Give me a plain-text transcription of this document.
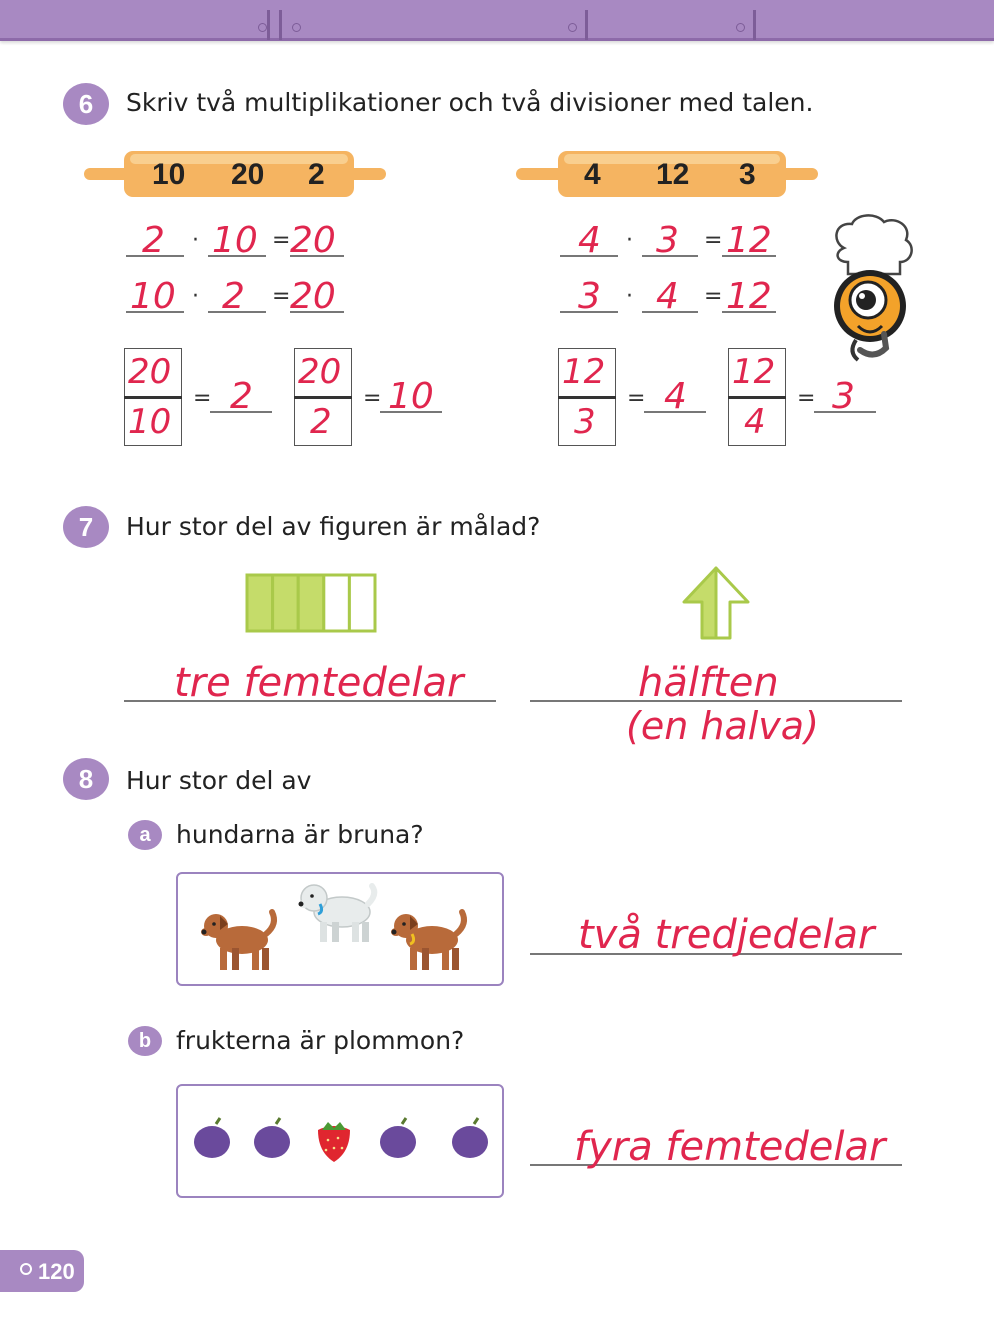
6	Skriv två multiplikationer och två divisioner med talen.
10 20 2	4 12 3
2 · 10 = 20
10 · 2 = 20
4 · 3 = 12
3 · 4 = 12
20
10
= 2
20
2
= 10
12
3
= 4
12
4
= 3
7	Hur stor del av figuren är målad?
tre femtedelar	hälften
(en halva)
8	Hur stor del av
a	hundarna är bruna?
två tredjedelar
b frukterna är plommon?
fyra femtedelar
120
